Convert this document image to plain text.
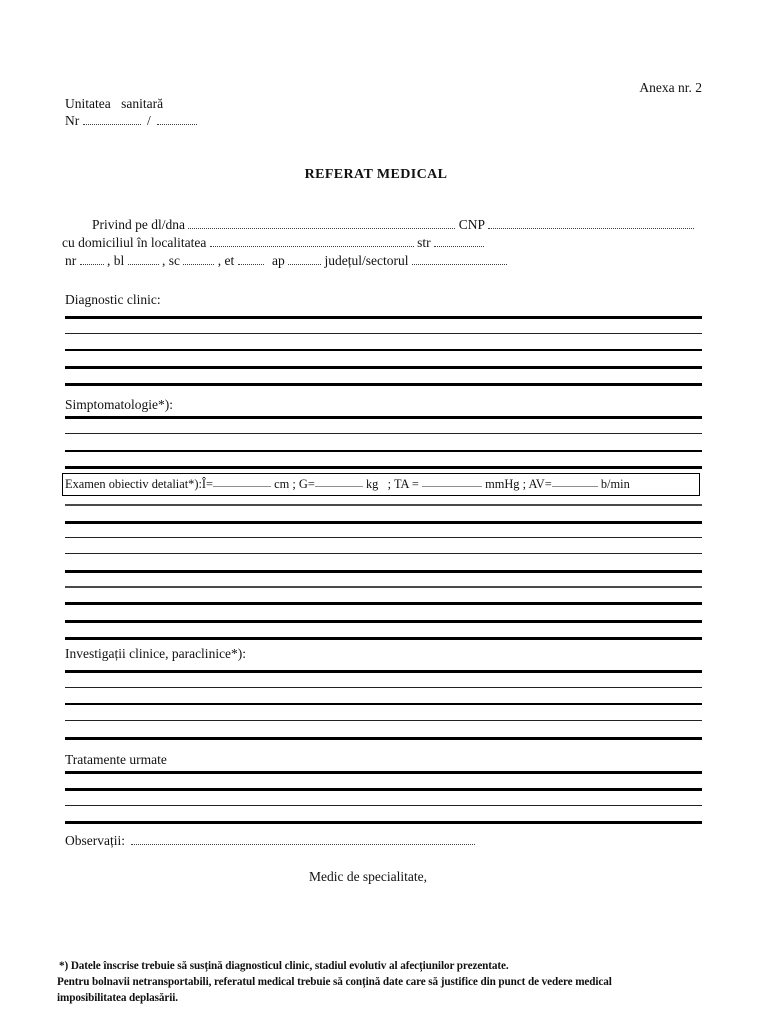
Anexa nr. 2
Unitatea sanitară
Nr	/
REFERAT MEDICAL
Privind pe dl/dna	CNP
cu domiciliul în localitatea	str
nr , bl	, sc	, et	ap	județul/sectorul
Diagnostic clinic:
Simptomatologie*):
Examen obiectiv detaliat*):Î=	cm ; G=	kg   ; TA =	mmHg ; AV=	b/min
Investigații clinice, paraclinice*):
Tratamente urmate
Observații:
Medic de specialitate,
*) Datele înscrise trebuie să susțină diagnosticul clinic, stadiul evolutiv al afecțiunilor prezentate.
Pentru bolnavii netransportabili, referatul medical trebuie să conțină date care să justifice din punct de vedere medical
imposibilitatea deplasării.
